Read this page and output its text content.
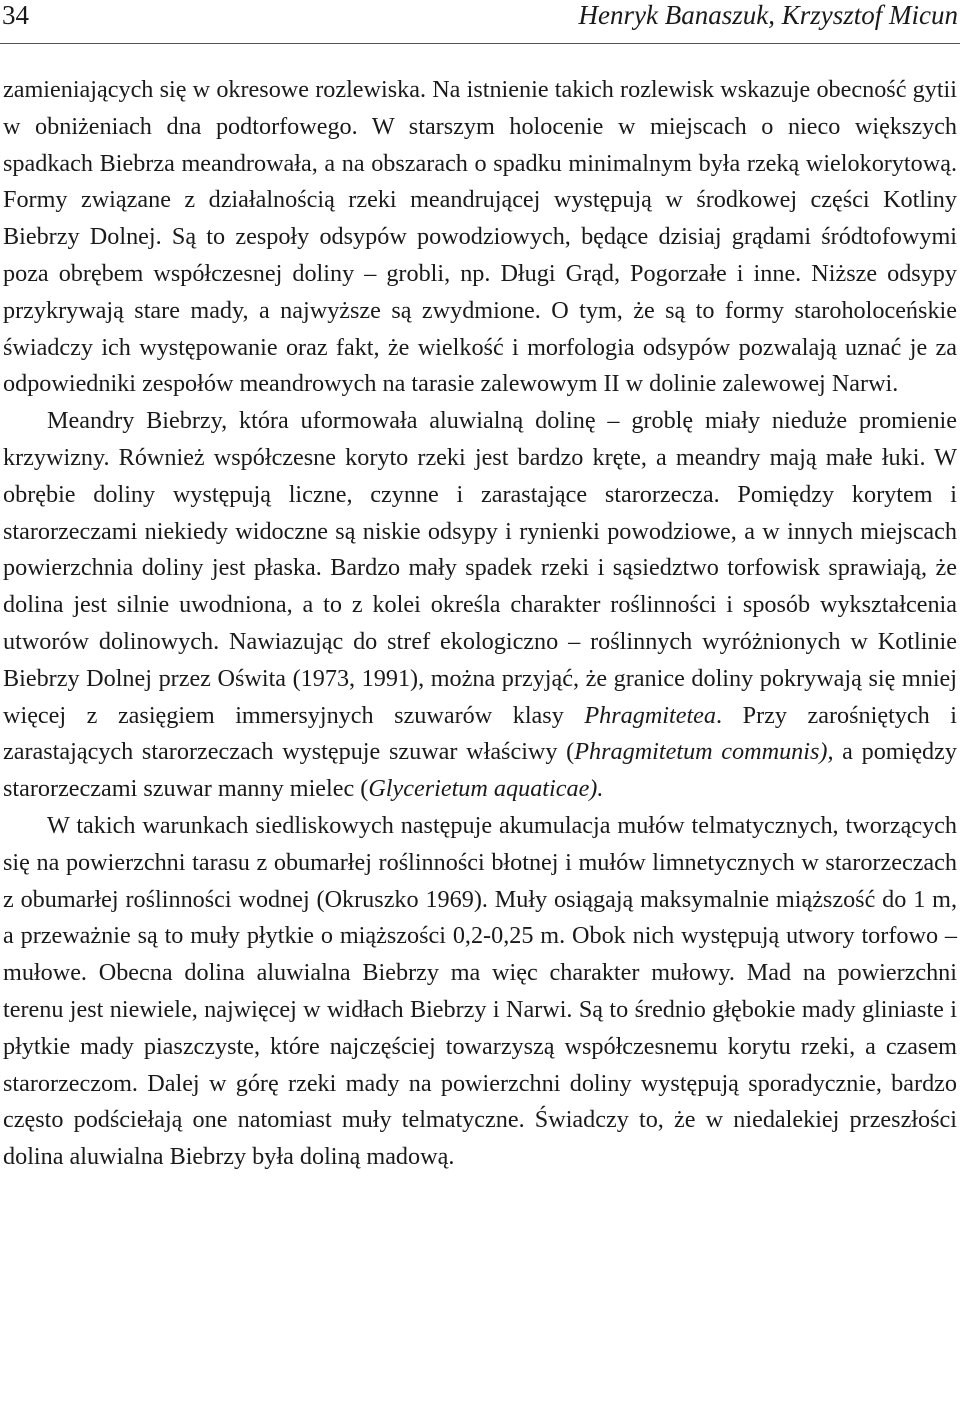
34	Henryk Banaszuk, Krzysztof Micun

zamieniających się w okresowe rozlewiska. Na istnienie takich rozlewisk wskazuje obecność gytii w obniżeniach dna podtorfowego. W starszym holocenie w miejscach o nieco większych spadkach Biebrza meandrowała, a na obszarach o spadku minimalnym była rzeką wielokorytową. Formy związane z działalnością rzeki meandrującej występują w środkowej części Kotliny Biebrzy Dolnej. Są to zespoły odsypów powodziowych, będące dzisiaj grądami śródtofowymi poza obrębem współczesnej doliny – grobli, np. Długi Grąd, Pogorzałe i inne. Niższe odsypy przykrywają stare mady, a najwyższe są zwydmione. O tym, że są to formy staroholoceńskie świadczy ich występowanie oraz fakt, że wielkość i morfologia odsypów pozwalają uznać je za odpowiedniki zespołów meandrowych na tarasie zalewowym II w dolinie zalewowej Narwi.

Meandry Biebrzy, która uformowała aluwialną dolinę – groblę miały nieduże promienie krzywizny. Również współczesne koryto rzeki jest bardzo kręte, a meandry mają małe łuki. W obrębie doliny występują liczne, czynne i zarastające starorzecza. Pomiędzy korytem i starorzeczami niekiedy widoczne są niskie odsypy i rynienki powodziowe, a w innych miejscach powierzchnia doliny jest płaska. Bardzo mały spadek rzeki i sąsiedztwo torfowisk sprawiają, że dolina jest silnie uwodniona, a to z kolei określa charakter roślinności i sposób wykształcenia utworów dolinowych. Nawiazując do stref ekologiczno – roślinnych wyróżnionych w Kotlinie Biebrzy Dolnej przez Oświta (1973, 1991), można przyjąć, że granice doliny pokrywają się mniej więcej z zasięgiem immersyjnych szuwarów klasy Phragmitetea. Przy zarośniętych i zarastających starorzeczach występuje szuwar właściwy (Phragmitetum communis), a pomiędzy starorzeczami szuwar manny mielec (Glycerietum aquaticae).

W takich warunkach siedliskowych następuje akumulacja mułów telmatycznych, tworzących się na powierzchni tarasu z obumarłej roślinności błotnej i mułów limnetycznych w starorzeczach z obumarłej roślinności wodnej (Okruszko 1969). Muły osiągają maksymalnie miąższość do 1 m, a przeważnie są to muły płytkie o miąższości 0,2-0,25 m. Obok nich występują utwory torfowo – mułowe. Obecna dolina aluwialna Biebrzy ma więc charakter mułowy. Mad na powierzchni terenu jest niewiele, najwięcej w widłach Biebrzy i Narwi. Są to średnio głębokie mady gliniaste i płytkie mady piaszczyste, które najczęściej towarzyszą współczesnemu korytu rzeki, a czasem starorzeczom. Dalej w górę rzeki mady na powierzchni doliny występują sporadycznie, bardzo często podściełają one natomiast muły telmatyczne. Świadczy to, że w niedalekiej przeszłości dolina aluwialna Biebrzy była doliną madową.
